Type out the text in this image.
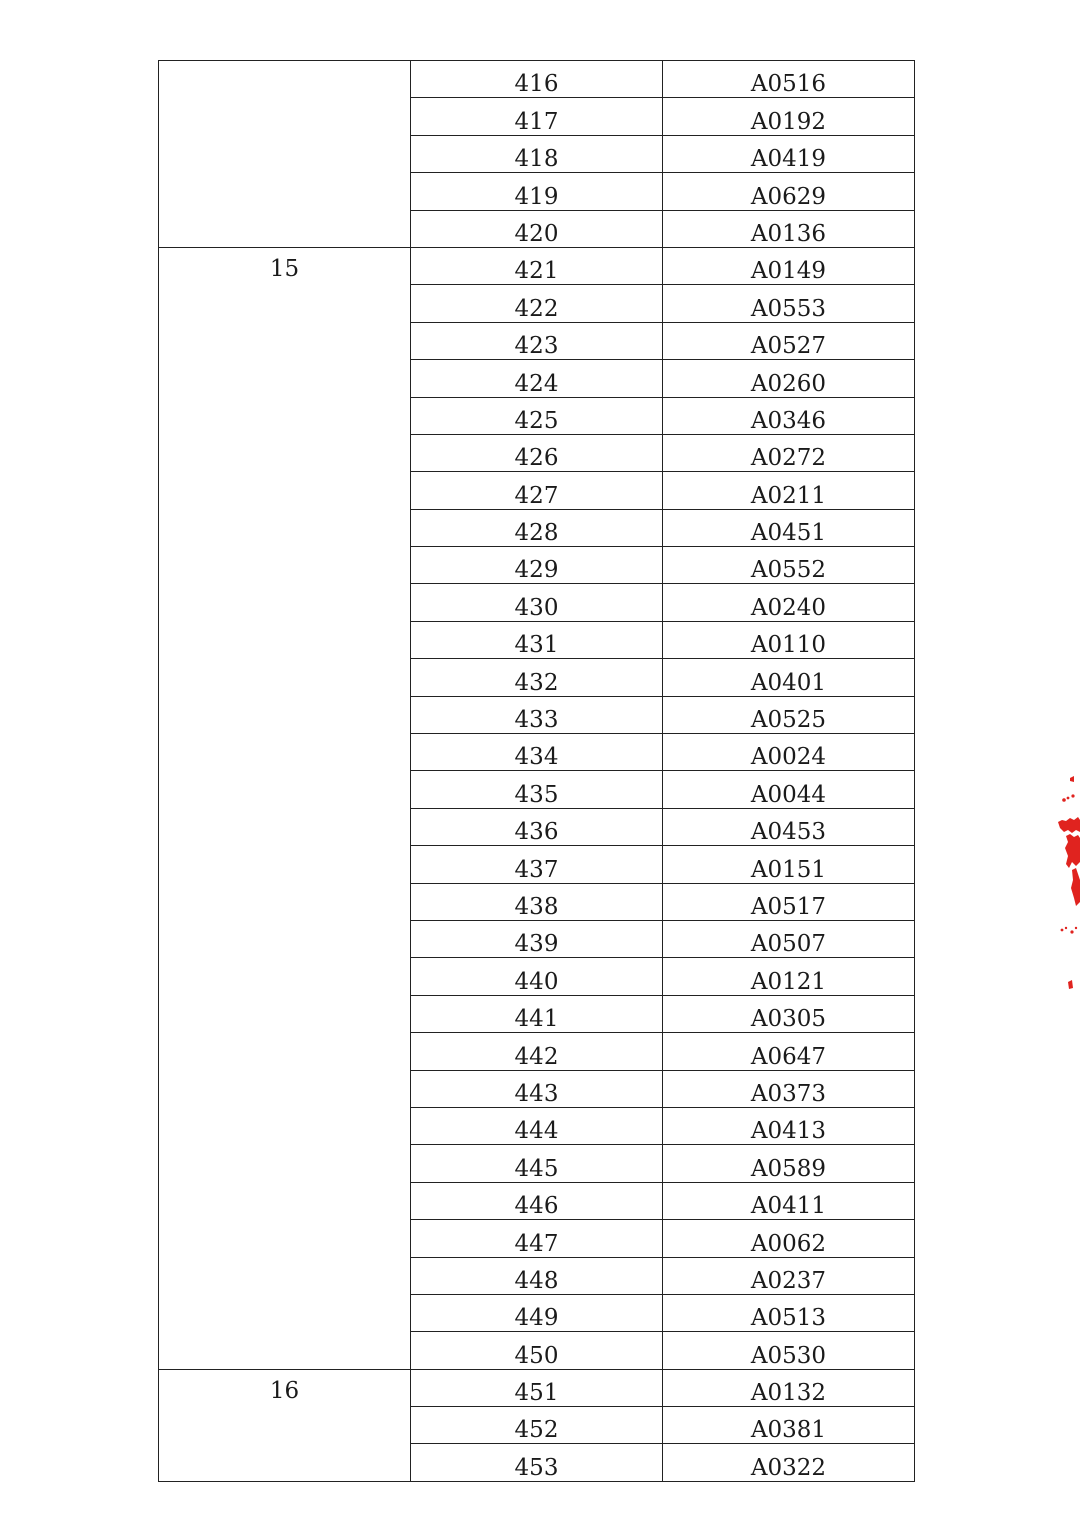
	416	A0516
	417	A0192
	418	A0419
	419	A0629
	420	A0136

15	421	A0149
	422	A0553
	423	A0527
	424	A0260
	425	A0346
	426	A0272
	427	A0211
	428	A0451
	429	A0552
	430	A0240
	431	A0110
	432	A0401
	433	A0525
	434	A0024
	435	A0044
	436	A0453
	437	A0151
	438	A0517
	439	A0507
	440	A0121
	441	A0305
	442	A0647
	443	A0373
	444	A0413
	445	A0589
	446	A0411
	447	A0062
	448	A0237
	449	A0513
	450	A0530

16	451	A0132
	452	A0381
	453	A0322
